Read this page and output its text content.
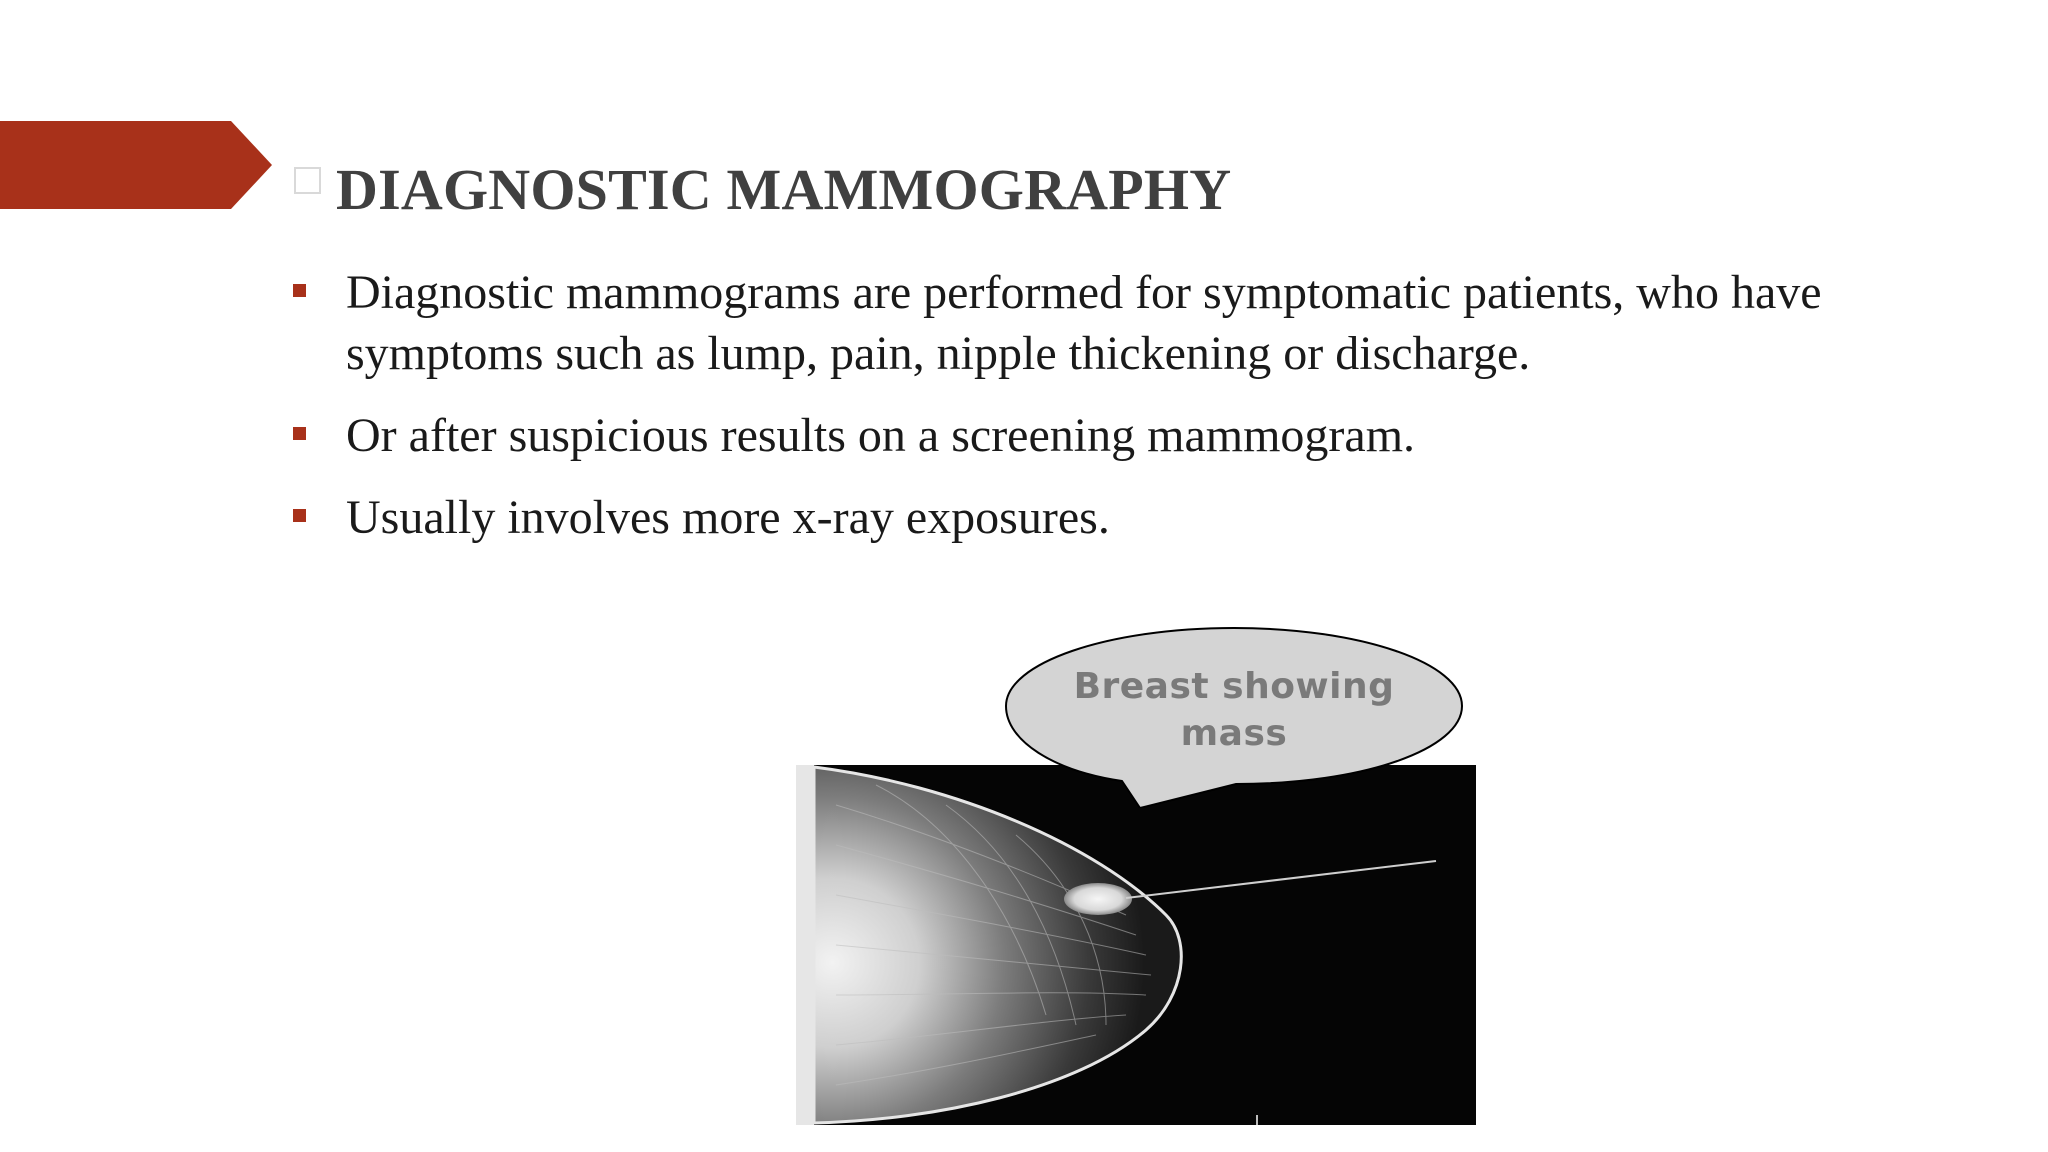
DIAGNOSTIC MAMMOGRAPHY
Diagnostic mammograms are performed for symptomatic patients, who have symptoms such as lump, pain, nipple thickening or discharge.
Or after suspicious results on a screening mammogram.
Usually involves more x-ray exposures.
Breast showing
mass
